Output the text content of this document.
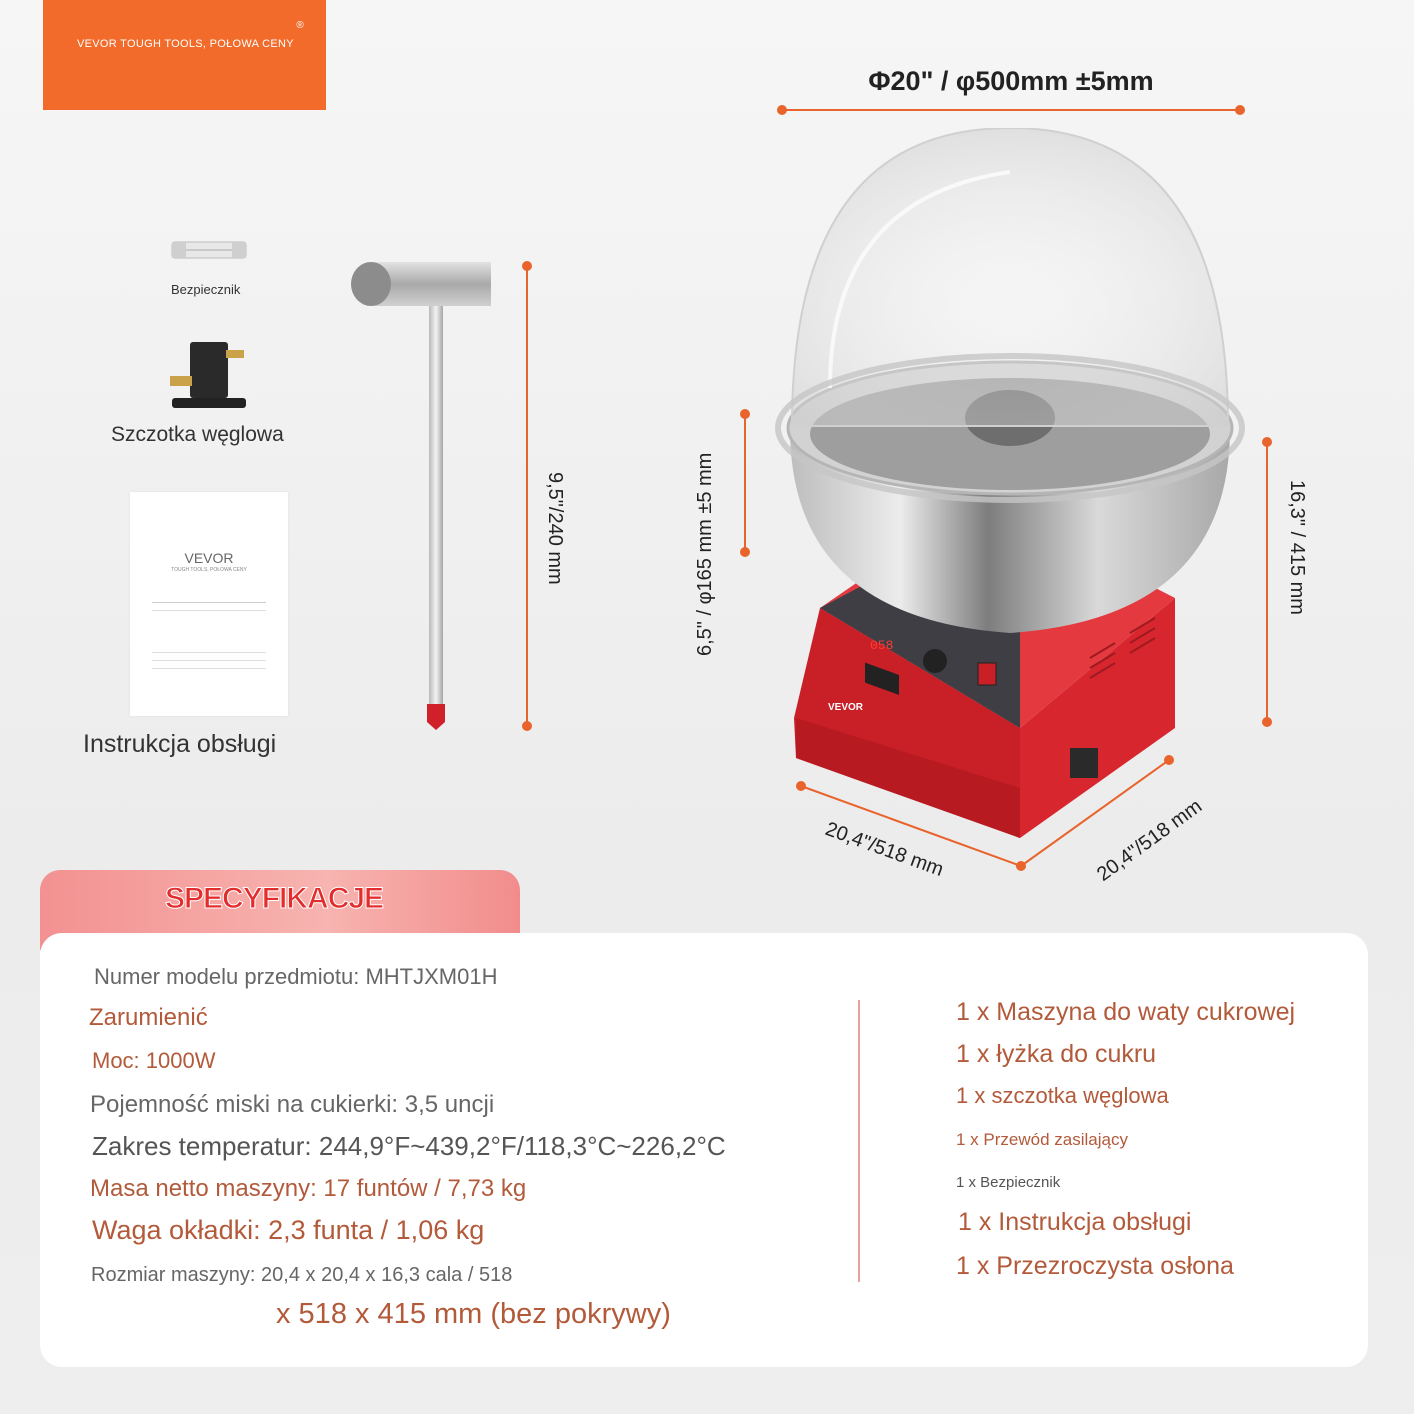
VEVOR TOUGH TOOLS, POŁOWA CENY
®
Φ20" / φ500mm ±5mm
Bezpiecznik
Szczotka węglowa
VEVOR
TOUGH TOOLS, POŁOWA CENY
Instrukcja obsługi
9,5"/240 mm	6,5" / φ165 mm ±5 mm	16,3" / 415 mm
058
VEVOR
20,4"/518 mm	20,4"/518 mm
SPECYFIKACJE
Numer modelu przedmiotu: MHTJXM01H
Zarumienić
Moc: 1000W
Pojemność miski na cukierki: 3,5 uncji
Zakres temperatur: 244,9°F~439,2°F/118,3°C~226,2°C
Masa netto maszyny: 17 funtów / 7,73 kg
Waga okładki: 2,3 funta / 1,06 kg
Rozmiar maszyny: 20,4 x 20,4 x 16,3 cala / 518
x 518 x 415 mm (bez pokrywy)
1 x Maszyna do waty cukrowej
1 x łyżka do cukru
1 x szczotka węglowa
1 x Przewód zasilający
1 x Bezpiecznik
1 x Instrukcja obsługi
1 x Przezroczysta osłona
